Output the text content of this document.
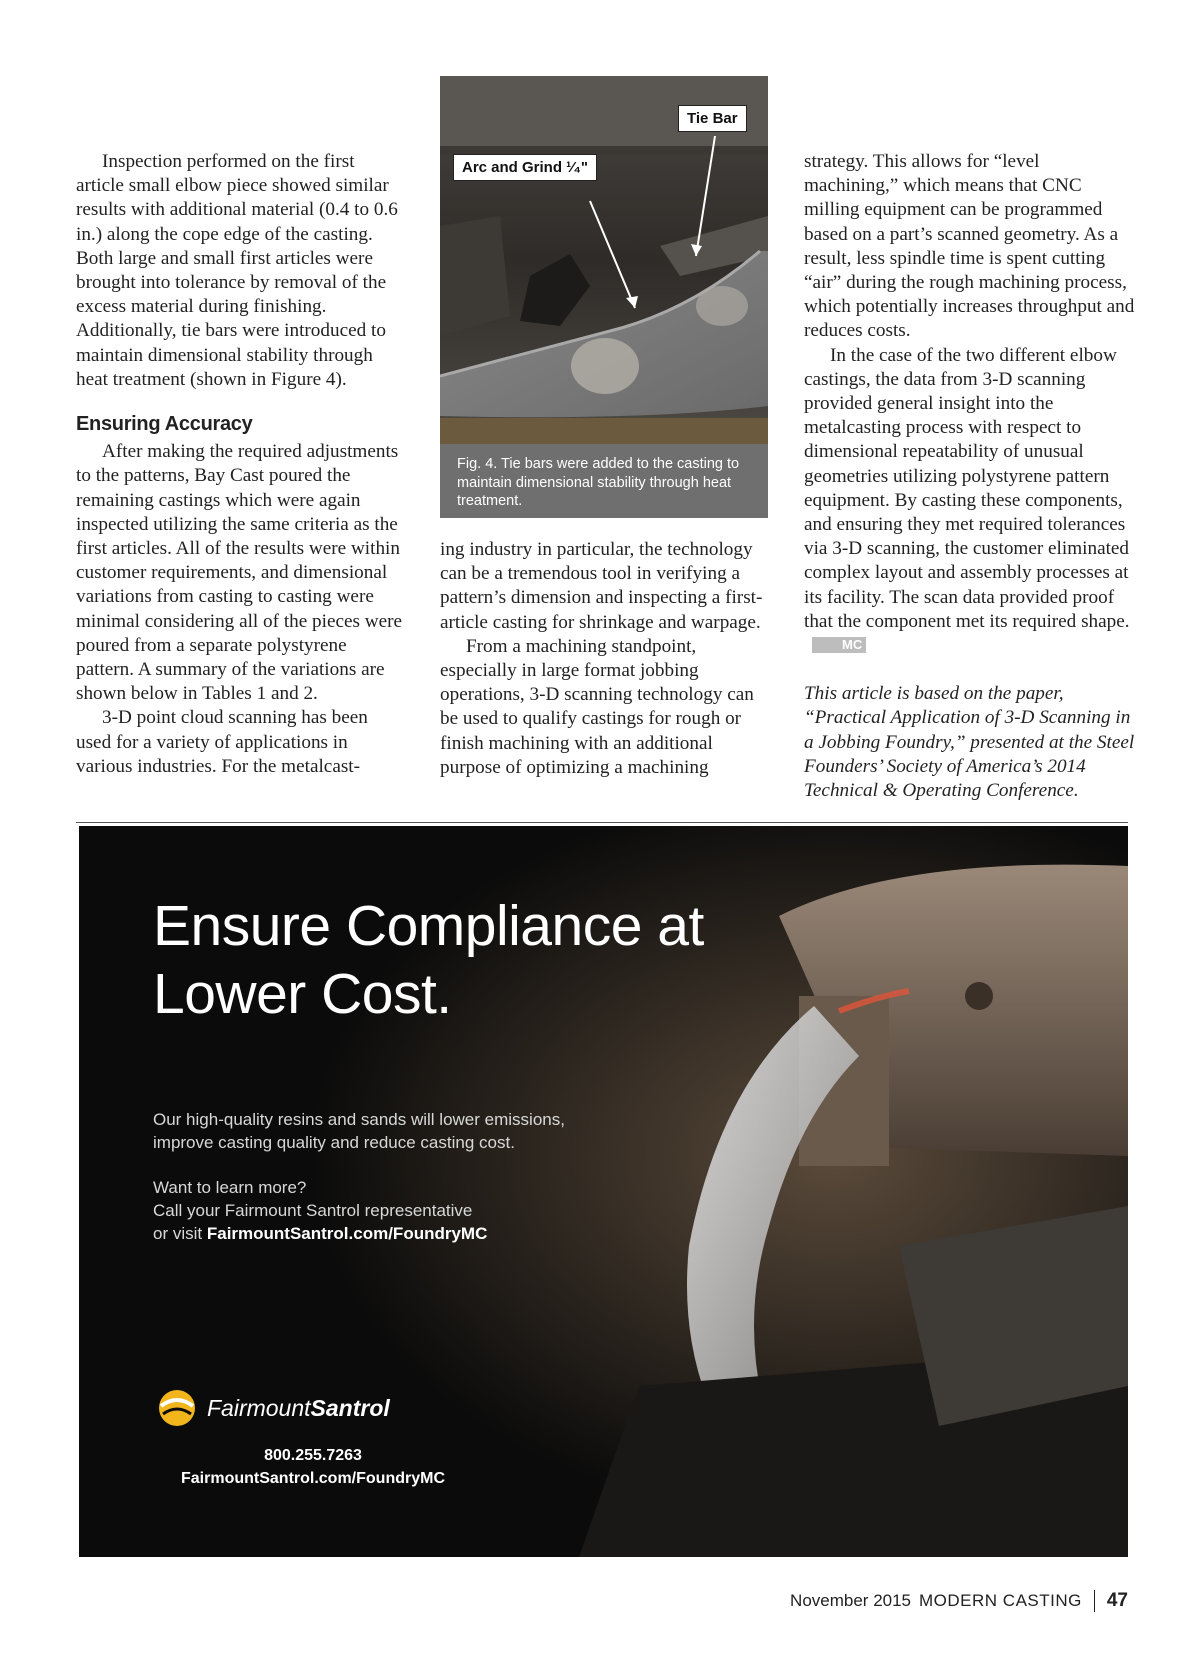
Inspection performed on the first article small elbow piece showed similar results with additional material (0.4 to 0.6 in.) along the cope edge of the casting. Both large and small first articles were brought into tolerance by removal of the excess material during finishing. Additionally, tie bars were introduced to maintain dimensional stability through heat treatment (shown in Figure 4).

Ensuring Accuracy

After making the required adjustments to the patterns, Bay Cast poured the remaining castings which were again inspected utilizing the same criteria as the first articles. All of the results were within customer requirements, and dimensional variations from casting to casting were minimal considering all of the pieces were poured from a separate polystyrene pattern. A summary of the variations are shown below in Tables 1 and 2.

3-D point cloud scanning has been used for a variety of applications in various industries. For the metalcast-

Tie Bar
Arc and Grind ¹⁄₄"
Fig. 4. Tie bars were added to the casting to maintain dimensional stability through heat treatment.

ing industry in particular, the technology can be a tremendous tool in verifying a pattern’s dimension and inspecting a first-article casting for shrinkage and warpage.

From a machining standpoint, especially in large format jobbing operations, 3-D scanning technology can be used to qualify castings for rough or finish machining with an additional purpose of optimizing a machining

strategy. This allows for “level machining,” which means that CNC milling equipment can be programmed based on a part’s scanned geometry. As a result, less spindle time is spent cutting “air” during the rough machining process, which potentially increases throughput and reduces costs.

In the case of the two different elbow castings, the data from 3-D scanning provided general insight into the metalcasting process with respect to dimensional repeatability of unusual geometries utilizing polystyrene pattern equipment. By casting these components, and ensuring they met required tolerances via 3-D scanning, the customer eliminated complex layout and assembly processes at its facility. The scan data provided proof that the component met its required shape.MC

This article is based on the paper, “Practical Application of 3-D Scanning in a Jobbing Foundry,” presented at the Steel Founders’ Society of America’s 2014 Technical & Operating Conference.

Ensure Compliance at
Lower Cost.

Our high-quality resins and sands will lower emissions, improve casting quality and reduce casting cost.

Want to learn more?
Call your Fairmount Santrol representative
or visit FairmountSantrol.com/FoundryMC

FairmountSantrol
800.255.7263
FairmountSantrol.com/FoundryMC
November 2015 MODERN CASTING 47
